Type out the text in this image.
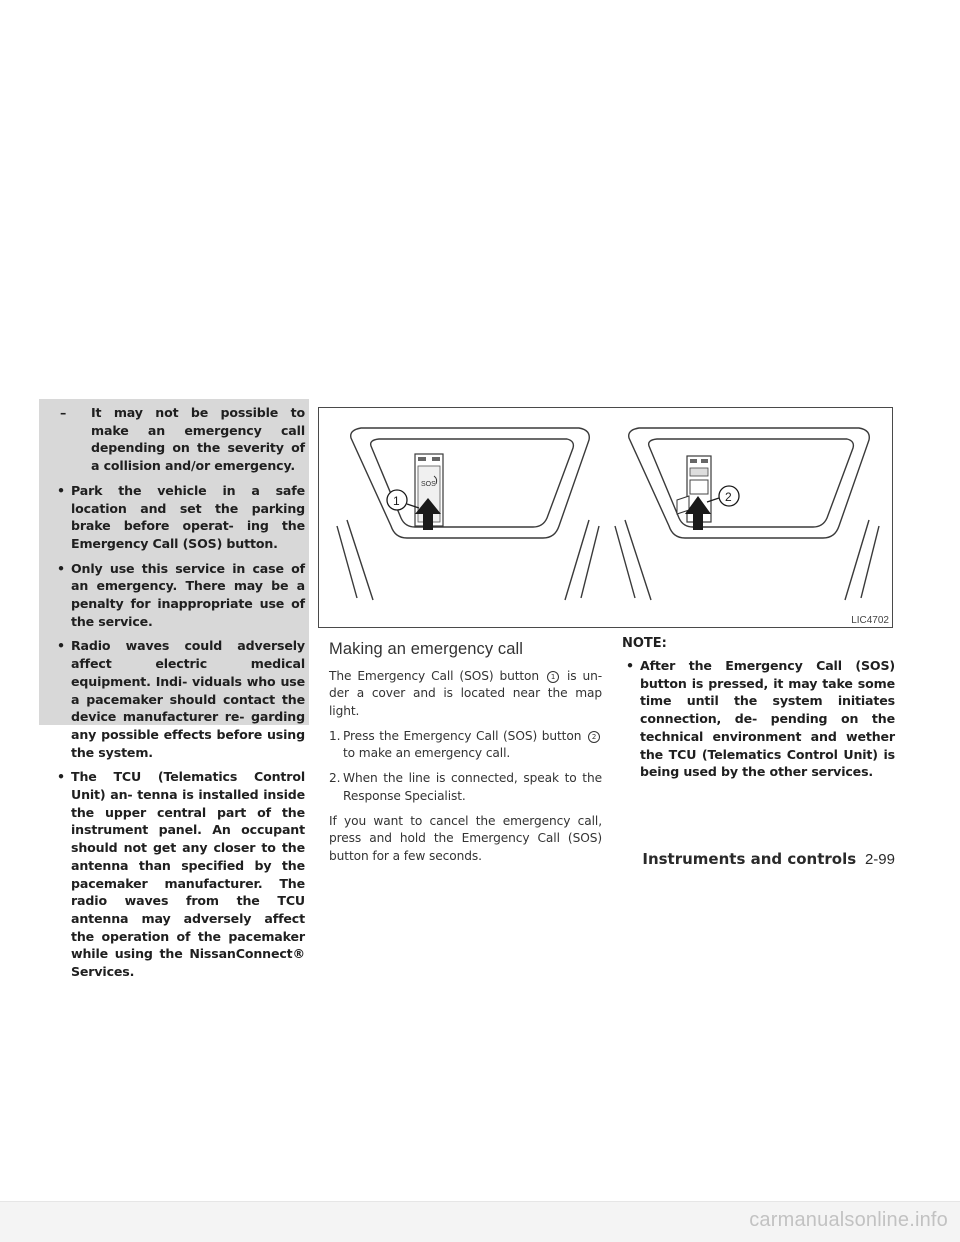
– It may not be possible to make an emergency call depending on the severity of a collision and/or emergency.
• Park the vehicle in a safe location and set the parking brake before operat- ing the Emergency Call (SOS) button.
• Only use this service in case of an emergency. There may be a penalty for inappropriate use of the service.
• Radio waves could adversely affect electric medical equipment. Indi- viduals who use a pacemaker should contact the device manufacturer re- garding any possible effects before using the system.
• The TCU (Telematics Control Unit) an- tenna is installed inside the upper central part of the instrument panel. An occupant should not get any closer to the antenna than specified by the pacemaker manufacturer. The radio waves from the TCU antenna may adversely affect the operation of the pacemaker while using the NissanConnect® Services.
SOS
1	2
LIC4702
Making an emergency call

The Emergency Call (SOS) button 1 is un- der a cover and is located near the map light.

1. Press the Emergency Call (SOS) button 2 to make an emergency call.

2. When the line is connected, speak to the Response Specialist.

If you want to cancel the emergency call, press and hold the Emergency Call (SOS) button for a few seconds.

NOTE:
• After the Emergency Call (SOS) button is pressed, it may take some time until the system initiates connection, de- pending on the technical environment and wether the TCU (Telematics Control Unit) is being used by the other services.
Instruments and controls 2-99
carmanualsonline.info
